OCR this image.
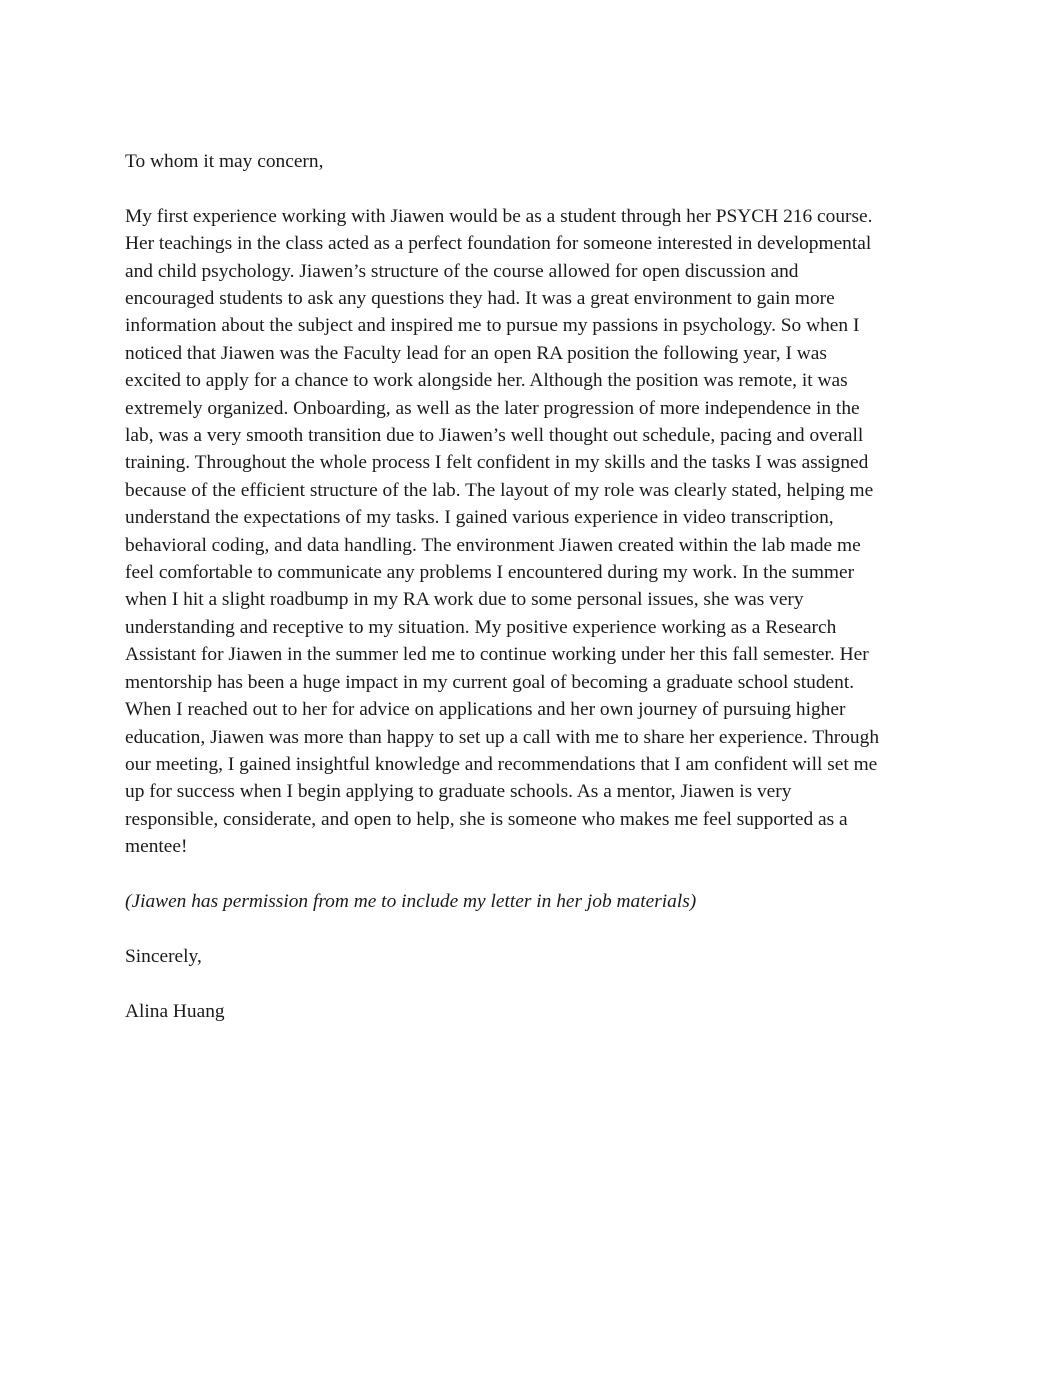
To whom it may concern,

My first experience working with Jiawen would be as a student through her PSYCH 216 course.
Her teachings in the class acted as a perfect foundation for someone interested in developmental
and child psychology. Jiawen’s structure of the course allowed for open discussion and
encouraged students to ask any questions they had. It was a great environment to gain more
information about the subject and inspired me to pursue my passions in psychology. So when I
noticed that Jiawen was the Faculty lead for an open RA position the following year, I was
excited to apply for a chance to work alongside her. Although the position was remote, it was
extremely organized. Onboarding, as well as the later progression of more independence in the
lab, was a very smooth transition due to Jiawen’s well thought out schedule, pacing and overall
training. Throughout the whole process I felt confident in my skills and the tasks I was assigned
because of the efficient structure of the lab. The layout of my role was clearly stated, helping me
understand the expectations of my tasks. I gained various experience in video transcription,
behavioral coding, and data handling. The environment Jiawen created within the lab made me
feel comfortable to communicate any problems I encountered during my work. In the summer
when I hit a slight roadbump in my RA work due to some personal issues, she was very
understanding and receptive to my situation. My positive experience working as a Research
Assistant for Jiawen in the summer led me to continue working under her this fall semester. Her
mentorship has been a huge impact in my current goal of becoming a graduate school student.
When I reached out to her for advice on applications and her own journey of pursuing higher
education, Jiawen was more than happy to set up a call with me to share her experience. Through
our meeting, I gained insightful knowledge and recommendations that I am confident will set me
up for success when I begin applying to graduate schools. As a mentor, Jiawen is very
responsible, considerate, and open to help, she is someone who makes me feel supported as a
mentee!

(Jiawen has permission from me to include my letter in her job materials)

Sincerely,

Alina Huang
